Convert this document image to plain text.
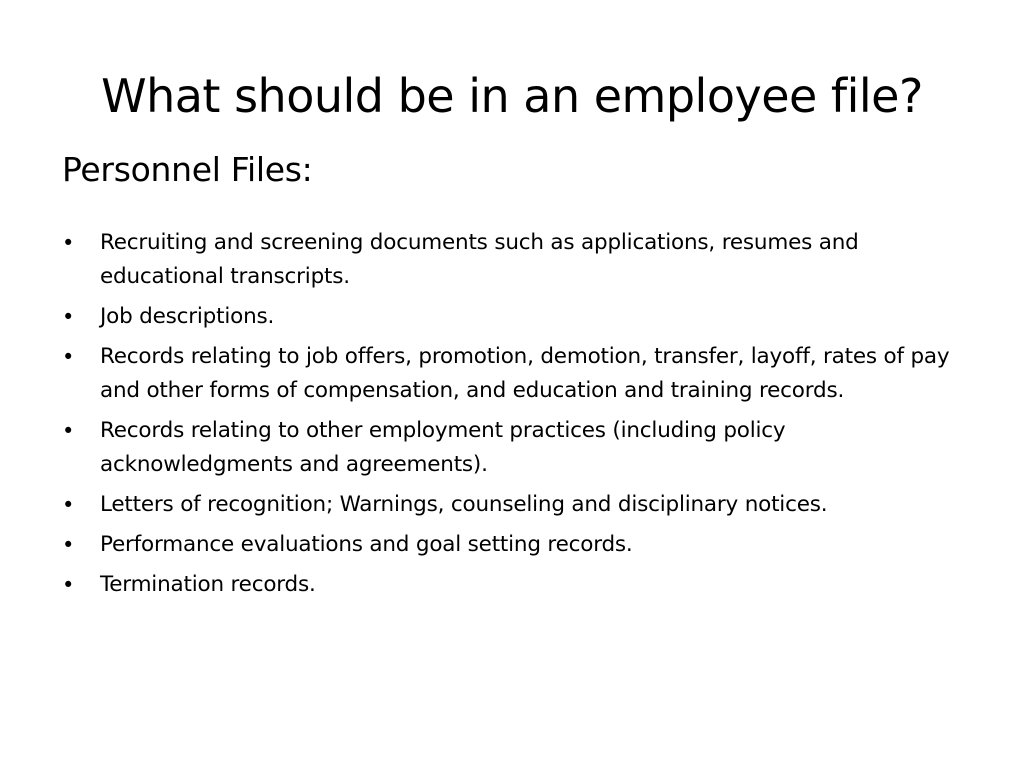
What should be in an employee file?
Personnel Files:
•	Recruiting and screening documents such as applications, resumes and educational transcripts.
•	Job descriptions.
•	Records relating to job offers, promotion, demotion, transfer, layoff, rates of pay and other forms of compensation, and education and training records.
•	Records relating to other employment practices (including policy acknowledgments and agreements).
•	Letters of recognition; Warnings, counseling and disciplinary notices.
•	Performance evaluations and goal setting records.
•	Termination records.
